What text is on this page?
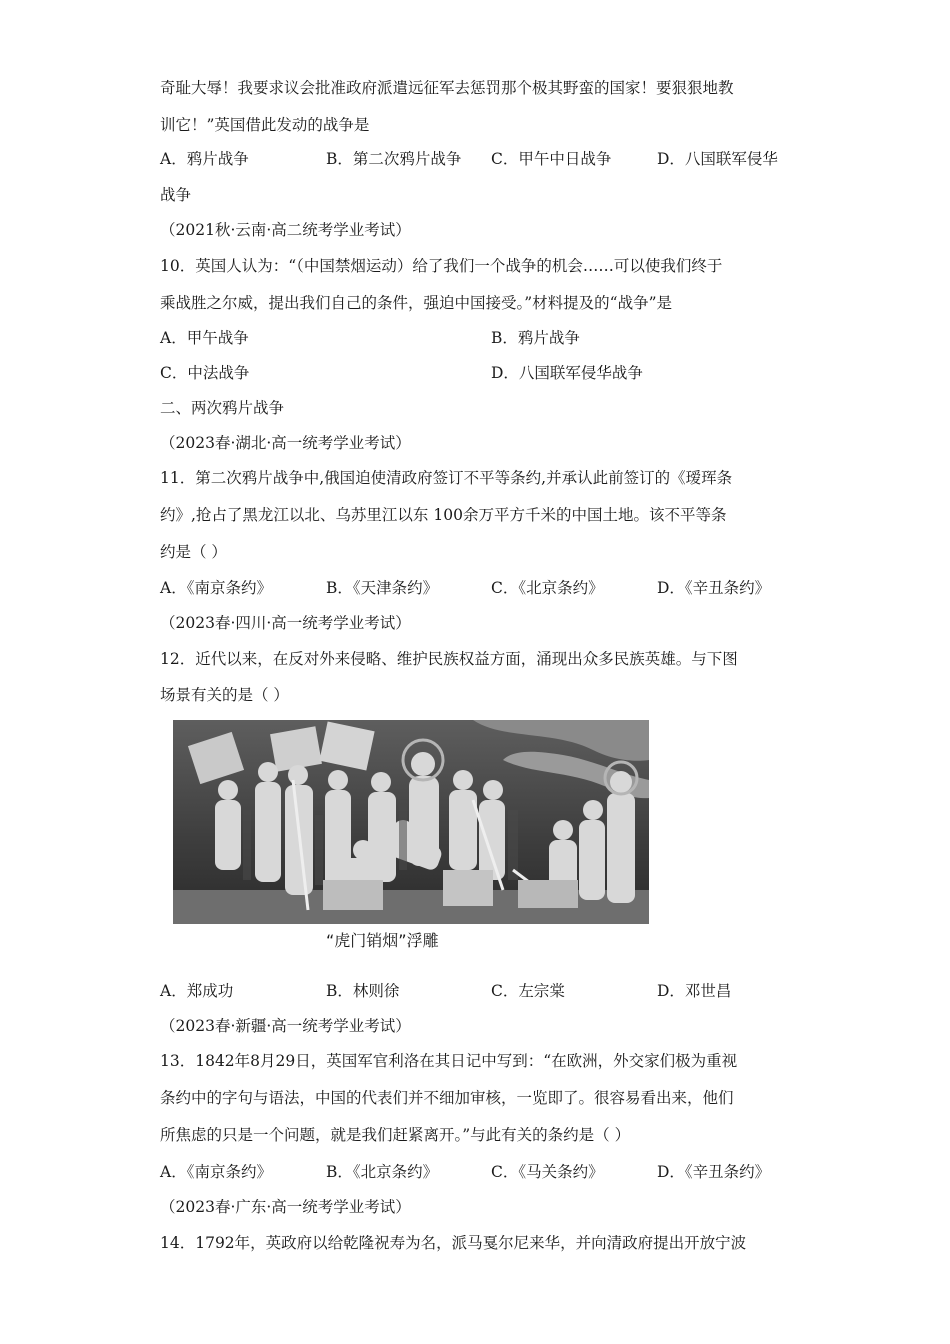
奇耻大辱！我要求议会批准政府派遣远征军去惩罚那个极其野蛮的国家！要狠狠地教
训它！”英国借此发动的战争是
A．鸦片战争	B．第二次鸦片战争 C．甲午中日战争	D．八国联军侵华
战争
（2021秋·云南·高二统考学业考试）
10．英国人认为：“（中国禁烟运动）给了我们一个战争的机会……可以使我们终于
乘战胜之尔威，提出我们自己的条件，强迫中国接受。”材料提及的“战争”是
A．甲午战争	B．鸦片战争
C．中法战争	D．八国联军侵华战争
二、两次鸦片战争
（2023春·湖北·高一统考学业考试）
11．第二次鸦片战争中,俄国迫使清政府签订不平等条约,并承认此前签订的《瑷珲条
约》,抢占了黑龙江以北、乌苏里江以东 100余万平方千米的中国土地。该不平等条
约是（ ）
A．《南京条约》	B．《天津条约》	C．《北京条约》	D．《辛丑条约》
（2023春·四川·高一统考学业考试）
12．近代以来，在反对外来侵略、维护民族权益方面，涌现出众多民族英雄。与下图
场景有关的是（ ）
“虎门销烟”浮雕
A．郑成功	B．林则徐	C．左宗棠	D．邓世昌
（2023春·新疆·高一统考学业考试）
13．1842年8月29日，英国军官利洛在其日记中写到：“在欧洲，外交家们极为重视
条约中的字句与语法，中国的代表们并不细加审核，一览即了。很容易看出来，他们
所焦虑的只是一个问题，就是我们赶紧离开。”与此有关的条约是（ ）
A．《南京条约》	B．《北京条约》	C．《马关条约》	D．《辛丑条约》
（2023春·广东·高一统考学业考试）
14．1792年，英政府以给乾隆祝寿为名，派马戛尔尼来华，并向清政府提出开放宁波
